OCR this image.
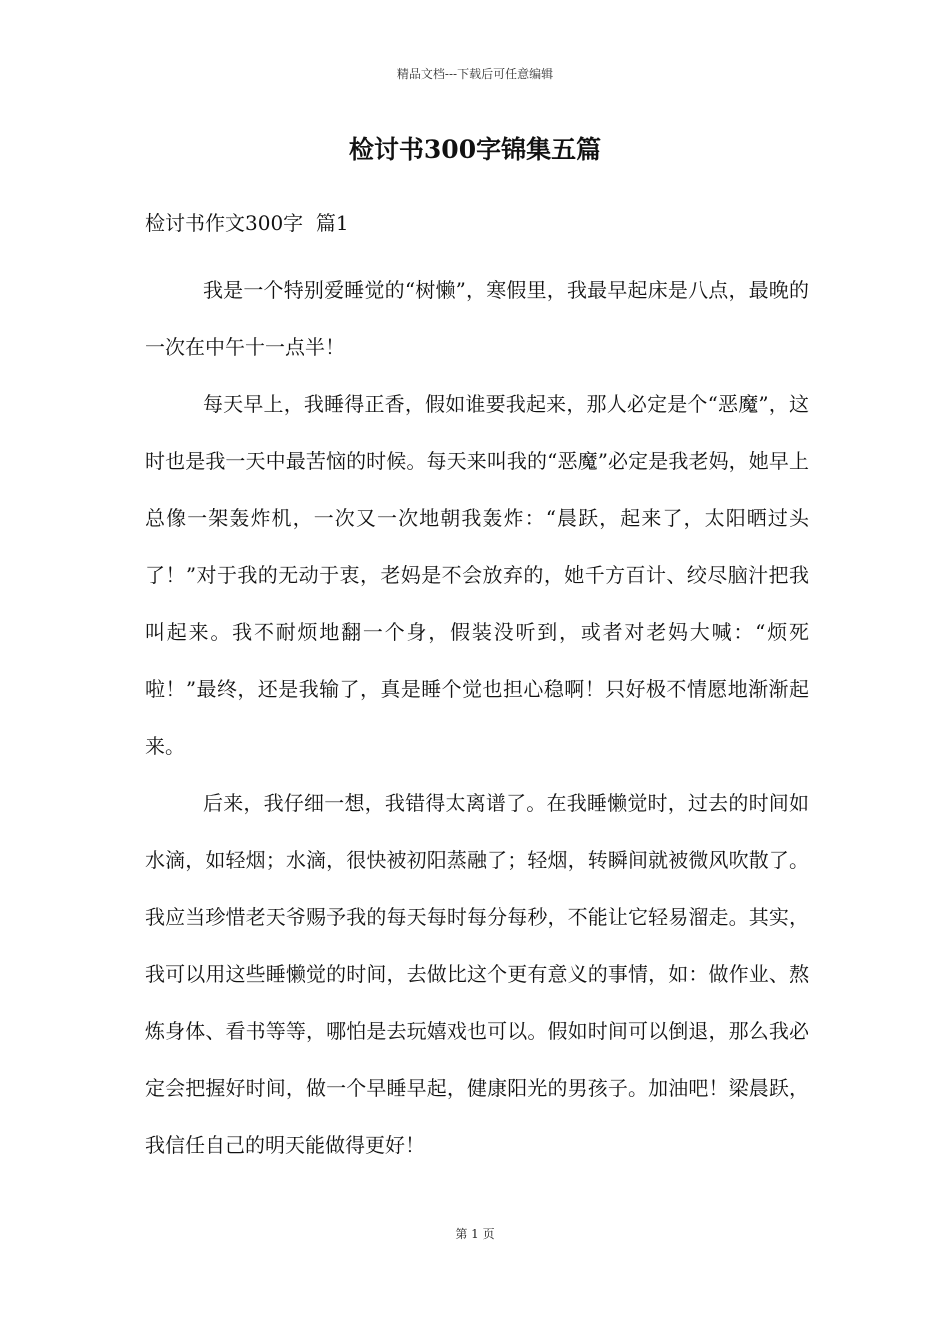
精品文档---下载后可任意编辑
检讨书300字锦集五篇
检讨书作文300字  篇1

我是一个特别爱睡觉的“树懒”，寒假里，我最早起床是八点，最晚的一次在中午十一点半！

每天早上，我睡得正香，假如谁要我起来，那人必定是个“恶魔”，这时也是我一天中最苦恼的时候。每天来叫我的“恶魔”必定是我老妈，她早上总像一架轰炸机，一次又一次地朝我轰炸：“晨跃，起来了，太阳晒过头了！”对于我的无动于衷，老妈是不会放弃的，她千方百计、绞尽脑汁把我叫起来。我不耐烦地翻一个身，假装没听到，或者对老妈大喊：“烦死啦！”最终，还是我输了，真是睡个觉也担心稳啊！只好极不情愿地渐渐起来。

后来，我仔细一想，我错得太离谱了。在我睡懒觉时，过去的时间如水滴，如轻烟；水滴，很快被初阳蒸融了；轻烟，转瞬间就被微风吹散了。我应当珍惜老天爷赐予我的每天每时每分每秒，不能让它轻易溜走。其实，我可以用这些睡懒觉的时间，去做比这个更有意义的事情，如：做作业、熬炼身体、看书等等，哪怕是去玩嬉戏也可以。假如时间可以倒退，那么我必定会把握好时间，做一个早睡早起，健康阳光的男孩子。加油吧！梁晨跃，我信任自己的明天能做得更好！

第 1 页
